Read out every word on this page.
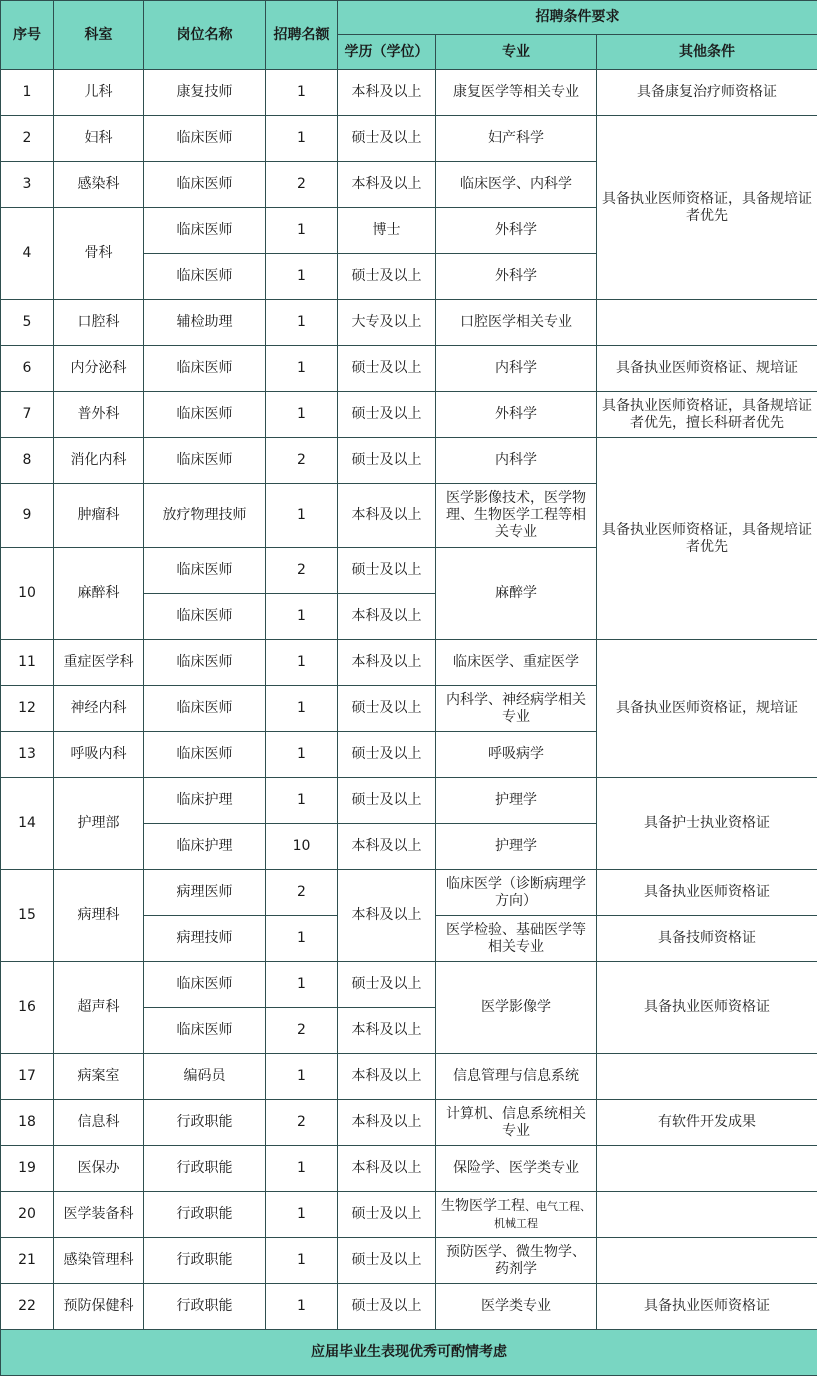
序号	科室	岗位名称	招聘名额	招聘条件要求		
				学历（学位）	专业	其他条件
1	儿科	康复技师	1	本科及以上	康复医学等相关专业	具备康复治疗师资格证
2	妇科	临床医师	1	硕士及以上	妇产科学	具备执业医师资格证，具备规培证者优先
3	感染科	临床医师	2	本科及以上	临床医学、内科学	
4	骨科	临床医师	1	博士	外科学	
		临床医师	1	硕士及以上	外科学	
5	口腔科	辅检助理	1	大专及以上	口腔医学相关专业	
6	内分泌科	临床医师	1	硕士及以上	内科学	具备执业医师资格证、规培证
7	普外科	临床医师	1	硕士及以上	外科学	具备执业医师资格证，具备规培证者优先，擅长科研者优先
8	消化内科	临床医师	2	硕士及以上	内科学	具备执业医师资格证，具备规培证者优先
9	肿瘤科	放疗物理技师	1	本科及以上	医学影像技术，医学物理、生物医学工程等相关专业	
10	麻醉科	临床医师	2	硕士及以上	麻醉学	
		临床医师	1	本科及以上		
11	重症医学科	临床医师	1	本科及以上	临床医学、重症医学	具备执业医师资格证，规培证
12	神经内科	临床医师	1	硕士及以上	内科学、神经病学相关专业	
13	呼吸内科	临床医师	1	硕士及以上	呼吸病学	
14	护理部	临床护理	1	硕士及以上	护理学	具备护士执业资格证
		临床护理	10	本科及以上	护理学	
15	病理科	病理医师	2	本科及以上	临床医学（诊断病理学方向）	具备执业医师资格证
		病理技师	1		医学检验、基础医学等相关专业	具备技师资格证
16	超声科	临床医师	1	硕士及以上	医学影像学	具备执业医师资格证
		临床医师	2	本科及以上		
17	病案室	编码员	1	本科及以上	信息管理与信息系统	
18	信息科	行政职能	2	本科及以上	计算机、信息系统相关专业	有软件开发成果
19	医保办	行政职能	1	本科及以上	保险学、医学类专业	
20	医学装备科	行政职能	1	硕士及以上	生物医学工程、电气工程、机械工程	
21	感染管理科	行政职能	1	硕士及以上	预防医学、微生物学、药剂学	
22	预防保健科	行政职能	1	硕士及以上	医学类专业	具备执业医师资格证
应届毕业生表现优秀可酌情考虑						
